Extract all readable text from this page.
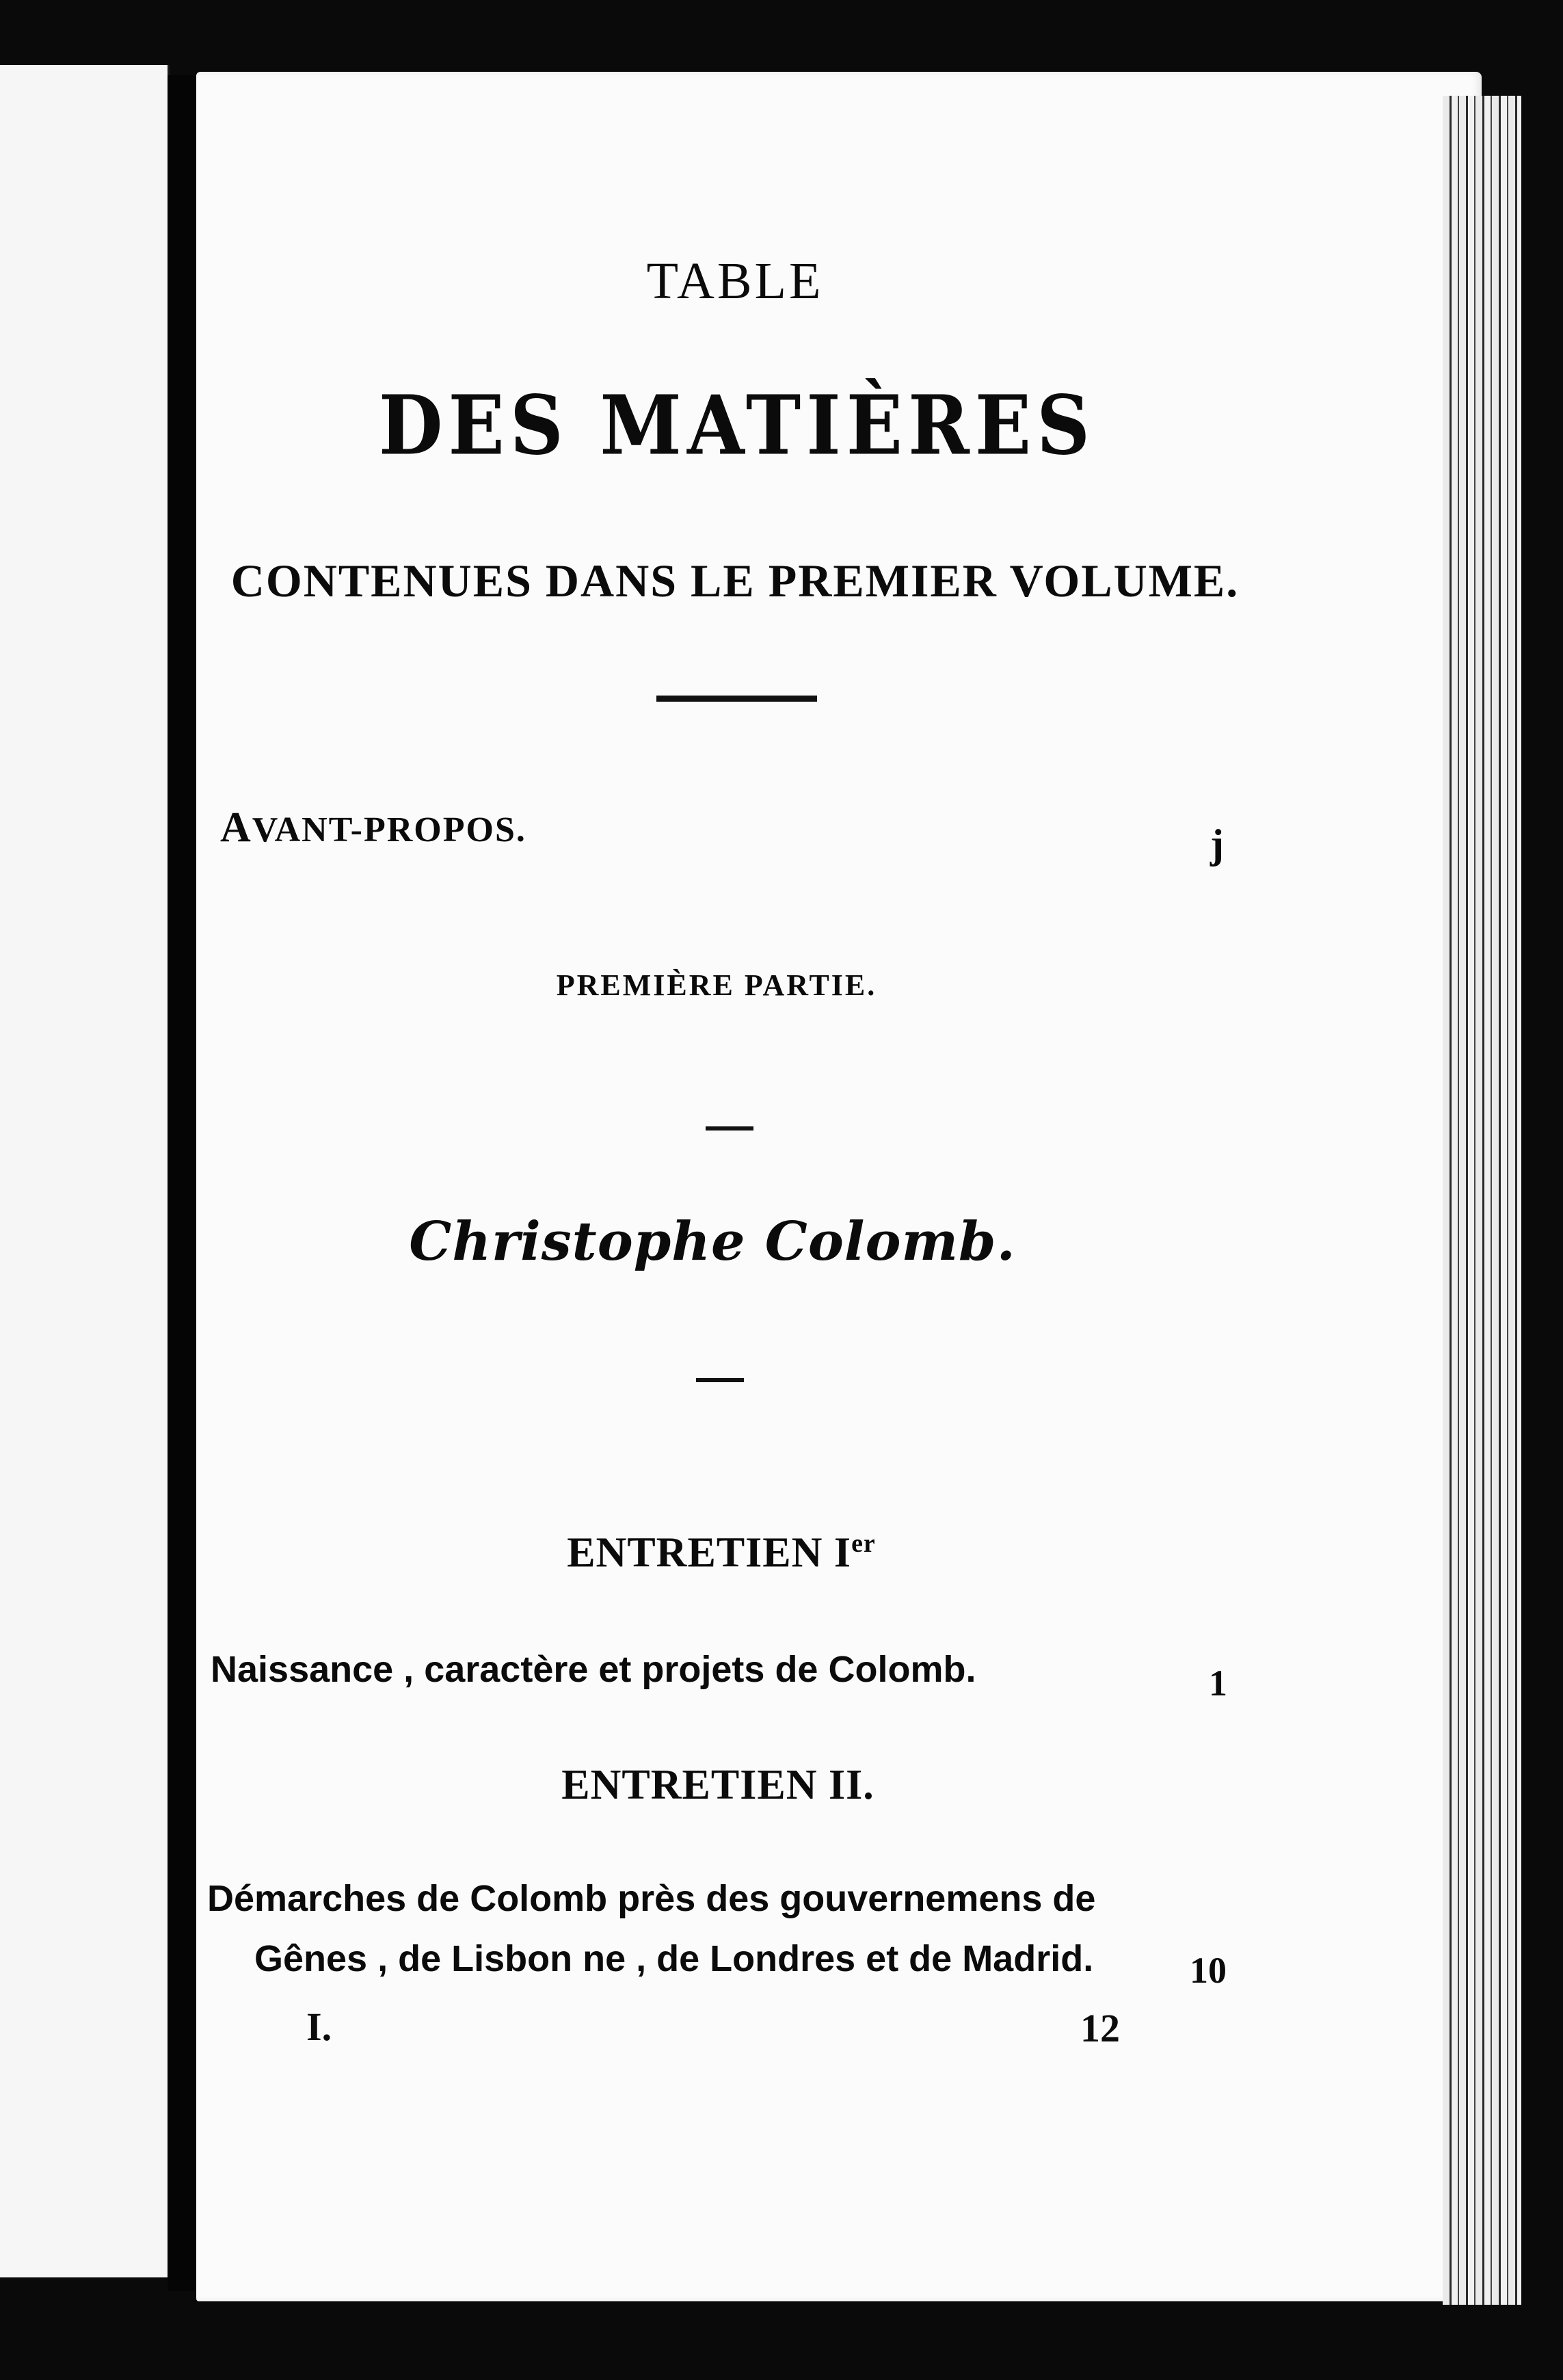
TABLE
DES MATIÈRES
CONTENUES DANS LE PREMIER VOLUME.
AVANT-PROPOS.	j
PREMIÈRE PARTIE.
Christophe Colomb.
ENTRETIEN Ier
Naissance , caractère et projets de Colomb.	1
ENTRETIEN II.
Démarches de Colomb près des gouvernemens de
Gênes , de Lisbon ne , de Londres et de Madrid.	10
I.	12
